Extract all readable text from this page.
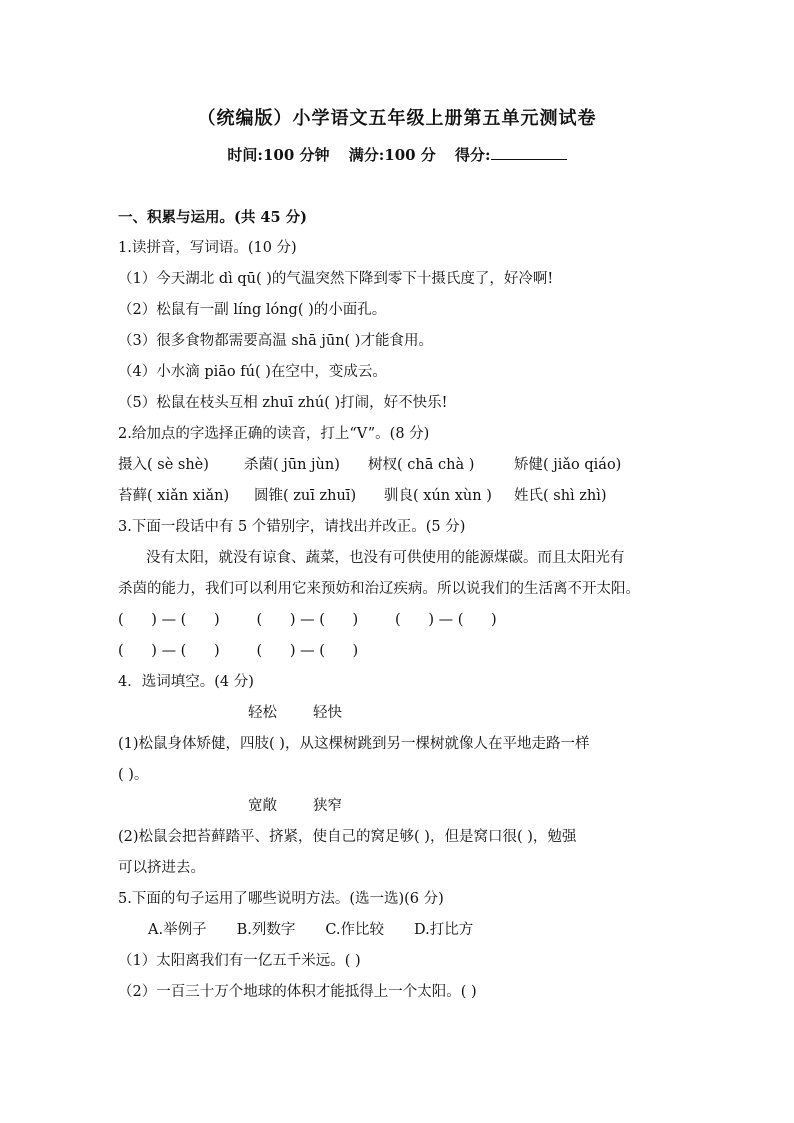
（统编版）小学语文五年级上册第五单元测试卷
时间:100 分钟 满分:100 分 得分:
一、积累与运用。(共 45 分)
1.读拼音，写词语。(10 分)
（1）今天湖北 dì qū( )的气温突然下降到零下十摄氏度了，好冷啊!
（2）松鼠有一副 líng lóng( )的小面孔。
（3）很多食物都需要高温 shā jūn( )才能食用。
（4）小水滴 piāo fú( )在空中，变成云。
（5）松鼠在枝头互相 zhuī zhú( )打闹，好不快乐!
2.给加点的字选择正确的读音，打上“V”。(8 分)
摄入( sè shè) 杀菌( jūn jùn) 树杈( chā chà )	矫健( jiǎo qiáo)
苔藓( xiǎn xiǎn) 圆锥( zuī zhuī) 驯良( xún xùn ) 姓氏( shì zhì)
3.下面一段话中有 5 个错别字，请找出并改正。(5 分)
没有太阳，就没有谅食、蔬菜，也没有可供使用的能源煤碳。而且太阳光有
杀茵的能力，我们可以利用它来预妨和治辽疾病。所以说我们的生活离不开太阳。
(      ) — (      )        (      ) — (      )        (      ) — (      )
(      ) — (      )        (      ) — (      )
4．选词填空。(4 分)
轻松 轻快
(1)松鼠身体矫健，四肢( )，从这棵树跳到另一棵树就像人在平地走路一样
( )。
宽敞 狭窄
(2)松鼠会把苔藓踏平、挤紧，使自己的窝足够( )，但是窝口很( )，勉强
可以挤进去。
5.下面的句子运用了哪些说明方法。(选一选)(6 分)
A.举例子 B.列数字 C.作比较 D.打比方
（1）太阳离我们有一亿五千米远。( )
（2）一百三十万个地球的体积才能抵得上一个太阳。( )
